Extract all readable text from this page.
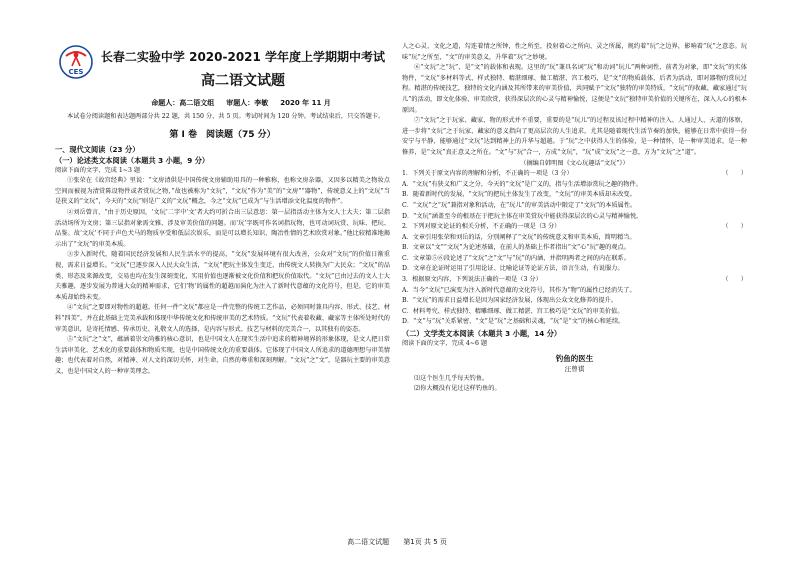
CES
长春二实验中学 2020-2021 学年度上学期期中考试
高二语文试题
命题人：高二语文组 审题人：李敏 2020 年 11 月

本试卷分阅读题和表达题两部分共 22 题，共 150 分，共 5 页。考试时间为 120 分钟。考试结束后，只交答题卡。

第 Ⅰ 卷　阅读题（75 分）
一、现代文阅读（23 分）
（一）论述类文本阅读（本题共 3 小题，9 分）
阅读下面的文字，完成 1~3 题

①张荣在《故宫经典》里说：“文房清供是中国传统文房辅助用具的一种雅称，也称文房杂器，又因多以精美之物妆点空间而被视为清赏陈设物件或者赏玩之物，”故也被称为“文玩”，“文玩”作为“美”的“文房”“器物”，传统意义上的“文玩”当是狭义的“文玩”，今天的“文玩”则是广义的“文玩”概念，今之“文玩”已成为“与生活增添文化温度的物件”。

②刘岳曾言，“由于历史原因，‘文玩’二字中‘文’者大约可折合出三层意思：第一层指活动主体为文人士大夫；第二层指活动场所为文房；第三层指对象需文雅，涉及审美价值的问题。而‘玩’字既可作名词指玩物，也可动词玩赏、玩味、把玩、品鉴。故‘文玩’不同于声色犬马的物质享受和低层次娱乐，而是可以增长知识、陶冶性情的艺术欣赏对象。”他比较精准地揭示出了“文玩”的审美本质。

③步入新时代，随着国民经济发展和人民生活水平的提高，“文玩”发展环境有很大改善，公众对“文玩”的价值日渐重视，需求日益增长。“文玩”已逐步深入人民大众生活，“文玩”把玩主体发生变迁，由传统文人转换为广大民众；“文玩”的品类、形态及来源改变，交易也均在发生深刻变化，实用价值也逐渐被文化价值和把玩价值取代。“文玩”已由过去的文人士大夫雅趣，逐步发展为普通大众的精神需求，它们‘物’的属性的超越而演化为注入了新时代意蕴的文化符号，但是，它的审美本质却始终未变。

④“文玩”之要即对物性的超越。任何一件“文玩”都应是一件完整的传统工艺作品，必须同时兼具内容、形式、技艺、材料“四美”，并在此基础上完美承载和体现中华传统文化和传统审美的艺术特质。“文玩”代表着收藏、藏家等主体所处时代的审美意识，是寄托情感、传承历史、礼敬文人的选择，是内容与形式、技艺与材料的完美合一，以其独有的姿态。

⑤“文玩”之“文”，蕴涵着崇文尚雅的核心意识，也是中国文人在现实生活中追求的精神境界的形象体现，是文人把日常生活审美化、艺术化的重要载体和物质实现，也是中国传统文化的重要载体。它体现了中国文人所追求的道德理想与审美情趣；也代表着对自然，对精神、对人文的深切关怀，对生命、自然的尊重和深刻理解。“文玩”之“文”，是器玩主要的审美意义，也是中国文人的一种审美理念。

人之心灵、文化之道，勾连着情之所钟，性之所至，投射着心之所向、灵之所属，规约着“玩”之边界，影响着“玩”之意态。玩味“玩”之所至，“文”的审美意义，升华着“玩”之妙境。

⑥“文玩”之“玩”，是“文”的载体和表现。这里的“玩”兼具名词“玩”和动词“玩儿”两种词性，前者为对象，即“文玩”的实体物件，“文玩”多材料等式、样式独特、精湛细琢、做工精湛、宫工极巧，是“文”的物质载体，后者为活动，即对器物的赏玩过程。精湛的传统技艺，独特的文化内涵及其所带来的审美价值，共同赋予“文玩”独特的审美特质，“文玩”的收藏、藏家通过“玩儿”的活动，即文化体验、审美欣赏，获得深层次的心灵与精神愉悦，这便是“文玩”独特审美价值的关键所在，深入人心的根本原因。

⑦“文玩”之于玩家、藏家，物的形式并不重要，重要的是“玩儿”的过程及该过程中精神的注入。人通过人、天道的体察，进一步将“文玩”之于玩家、藏家的意义指向了更高层次的人生追求，尤其是随着现代生活节奏的加快，能够在日常中获得一份安宁与平静，能够通过“文玩”达到精神上的升华与超越。于“玩”之中获得人生的体验，是一种情怀，是一种审美追求，是一种修养，是“文玩”真正意义之所在。“文”与“玩”合一，方成“文玩”，“玩”成“文玩”之一意，方为“文玩”之“道”。

（摘编自韩明图《文心玩趣话“文玩”》）

1．下列关于原文内容的理解和分析，不正确的一项是（3 分）	（　　）
A．“文玩”有狭义和广义之分，今天的“文玩”是广义的，指与生活增添赏玩之趣的物件。
B．随着新时代的发展，“文玩”的把玩主体发生了改变，“文玩”的审美本质却未改变。
C．“文玩”之“玩”兼指对象和活动，在“玩儿”的审美活动中限定了“文玩”的本质属性。
D．“文玩”涵盖至今的根基在于把玩主体在审美赏玩中能获得深层次的心灵与精神愉悦。
2．下列对原文论证的相关分析，不正确的一项是（3 分）	（　　）
A．文章引用张荣和刘岳的话，分别阐释了“文玩”的传统意义和审美本质，简明精当。
B．文章以“文”“文玩”为论述基础，在前人的基础上作者指出“文”心“玩”趣的观点。
C．文章第⑤⑥段论述了“文玩”之“文”与“玩”的内涵，并指明两者之间的内在联系。
D．文章在论证时运用了引用论证、比喻论证等论证方法，语言生动，有说服力。
3．根据原文内容，下列说法正确的一项是（3 分）	（　　）
A．当今“文玩”已演变为注入新时代意蕴的文化符号，其作为“物”的属性已经消失了。
B．“文玩”的需求日益增长是因为国家经济发展，体现出公众文化修养的提升。
C．材料考究、样式独特、精雕细琢、做工精湛、宫工极巧是“文玩”的审美价值。
D．“文”与“玩”关系紧密，“文”是“玩”之基础和灵魂，“玩”是“文”的核心和延续。
（二）文学类文本阅读（本题共 3 小题，14 分）
阅读下面的文字，完成 4~6 题
钓鱼的医生
汪曾祺

⑴这个医生几乎每天钓鱼。

⑵你大概没有见过这样钓鱼的。

高二语文试题 第1页 共 5 页
